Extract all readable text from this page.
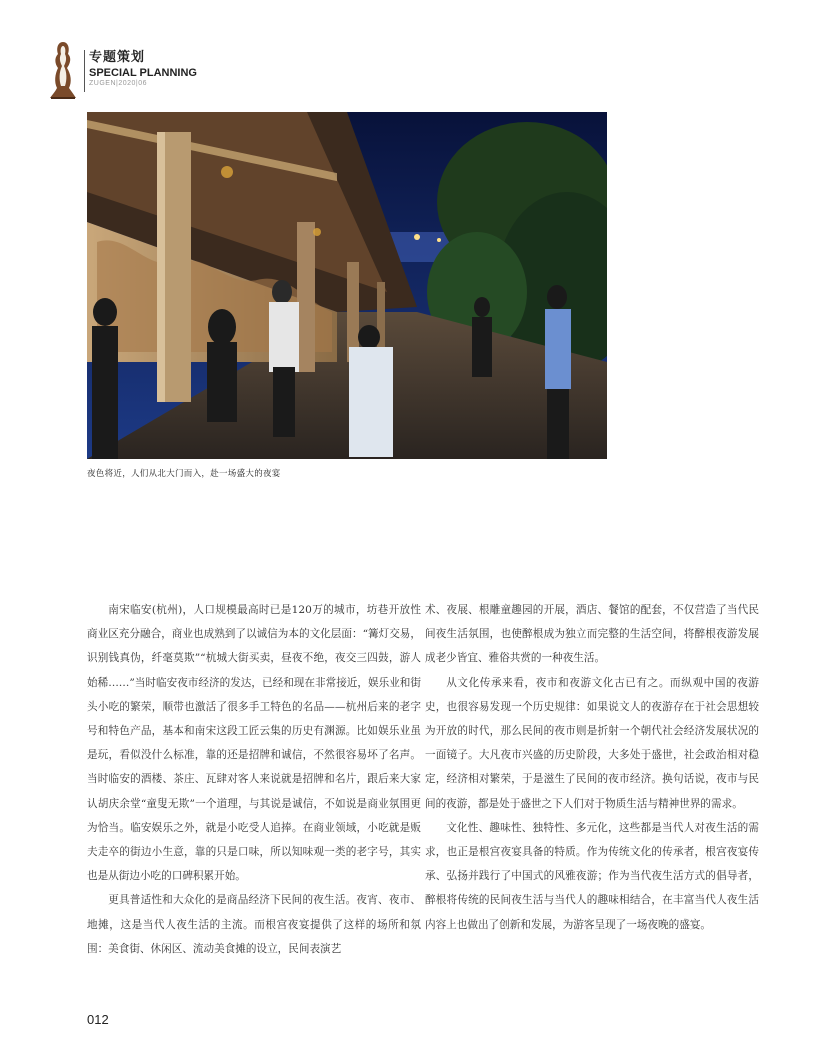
专题策划
SPECIAL PLANNING
ZUGEN|2020|06
夜色将近，人们从北大门而入，赴一场盛大的夜宴

南宋临安(杭州)，人口规模最高时已是120万的城市，坊巷开放性商业区充分融合，商业也成熟到了以诚信为本的文化层面：“篝灯交易，识别钱真伪，纤毫莫欺”“杭城大街买卖，昼夜不绝，夜交三四鼓，游人始稀……”当时临安夜市经济的发达，已经和现在非常接近，娱乐业和街头小吃的繁荣，顺带也激活了很多手工特色的名品——杭州后来的老字号和特色产品，基本和南宋这段工匠云集的历史有渊源。比如娱乐业虽是玩，看似没什么标准，靠的还是招牌和诚信，不然很容易坏了名声。当时临安的酒楼、茶庄、瓦肆对客人来说就是招牌和名片，跟后来大家认胡庆余堂“童叟无欺”一个道理，与其说是诚信，不如说是商业氛围更为恰当。临安娱乐之外，就是小吃受人追捧。在商业领域，小吃就是贩夫走卒的街边小生意，靠的只是口味，所以知味观一类的老字号，其实也是从街边小吃的口碑积累开始。

更具普适性和大众化的是商品经济下民间的夜生活。夜宵、夜市、地摊，这是当代人夜生活的主流。而根宫夜宴提供了这样的场所和氛围：美食街、休闲区、流动美食摊的设立，民间表演艺

术、夜展、根雕童趣园的开展，酒店、餐馆的配套，不仅营造了当代民间夜生活氛围，也使醉根成为独立而完整的生活空间，将醉根夜游发展成老少皆宜、雅俗共赏的一种夜生活。

从文化传承来看，夜市和夜游文化古已有之。而纵观中国的夜游史，也很容易发现一个历史规律：如果说文人的夜游存在于社会思想较为开放的时代，那么民间的夜市则是折射一个朝代社会经济发展状况的一面镜子。大凡夜市兴盛的历史阶段，大多处于盛世，社会政治相对稳定，经济相对繁荣，于是滋生了民间的夜市经济。换句话说，夜市与民间的夜游，都是处于盛世之下人们对于物质生活与精神世界的需求。

文化性、趣味性、独特性、多元化，这些都是当代人对夜生活的需求，也正是根宫夜宴具备的特质。作为传统文化的传承者，根宫夜宴传承、弘扬并践行了中国式的风雅夜游；作为当代夜生活方式的倡导者，醉根将传统的民间夜生活与当代人的趣味相结合，在丰富当代人夜生活内容上也做出了创新和发展，为游客呈现了一场夜晚的盛宴。

012
